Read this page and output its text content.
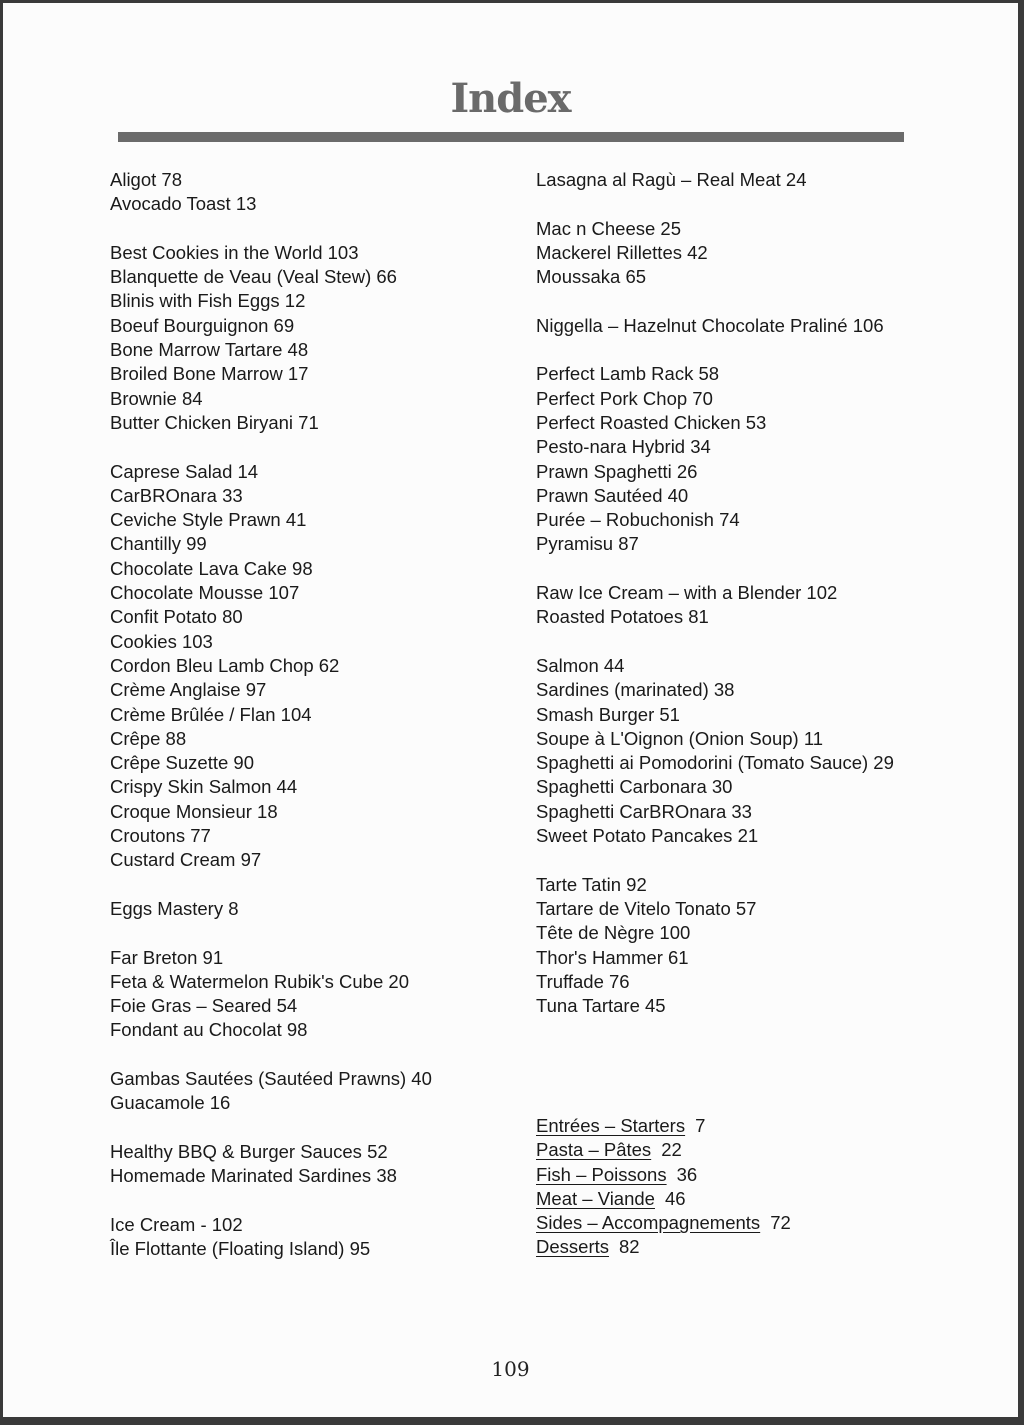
Index
Aligot 78
Avocado Toast 13
Best Cookies in the World 103
Blanquette de Veau (Veal Stew) 66
Blinis with Fish Eggs 12
Boeuf Bourguignon 69
Bone Marrow Tartare 48
Broiled Bone Marrow 17
Brownie 84
Butter Chicken Biryani 71
Caprese Salad 14
CarBROnara 33
Ceviche Style Prawn 41
Chantilly 99
Chocolate Lava Cake 98
Chocolate Mousse 107
Confit Potato 80
Cookies 103
Cordon Bleu Lamb Chop 62
Crème Anglaise 97
Crème Brûlée / Flan 104
Crêpe 88
Crêpe Suzette 90
Crispy Skin Salmon 44
Croque Monsieur 18
Croutons 77
Custard Cream 97
Eggs Mastery 8
Far Breton 91
Feta & Watermelon Rubik's Cube 20
Foie Gras – Seared 54
Fondant au Chocolat 98
Gambas Sautées (Sautéed Prawns) 40
Guacamole 16
Healthy BBQ & Burger Sauces 52
Homemade Marinated Sardines 38
Ice Cream - 102
Île Flottante (Floating Island) 95
Lasagna al Ragù – Real Meat 24
Mac n Cheese 25
Mackerel Rillettes 42
Moussaka 65
Niggella – Hazelnut Chocolate Praliné 106
Perfect Lamb Rack 58
Perfect Pork Chop 70
Perfect Roasted Chicken 53
Pesto-nara Hybrid 34
Prawn Spaghetti 26
Prawn Sautéed 40
Purée – Robuchonish 74
Pyramisu 87
Raw Ice Cream – with a Blender 102
Roasted Potatoes 81
Salmon 44
Sardines (marinated) 38
Smash Burger 51
Soupe à L'Oignon (Onion Soup) 11
Spaghetti ai Pomodorini (Tomato Sauce) 29
Spaghetti Carbonara 30
Spaghetti CarBROnara 33
Sweet Potato Pancakes 21
Tarte Tatin 92
Tartare de Vitelo Tonato 57
Tête de Nègre 100
Thor's Hammer 61
Truffade 76
Tuna Tartare 45
Entrées – Starters 7
Pasta – Pâtes 22
Fish – Poissons 36
Meat – Viande 46
Sides – Accompagnements 72
Desserts 82
109
